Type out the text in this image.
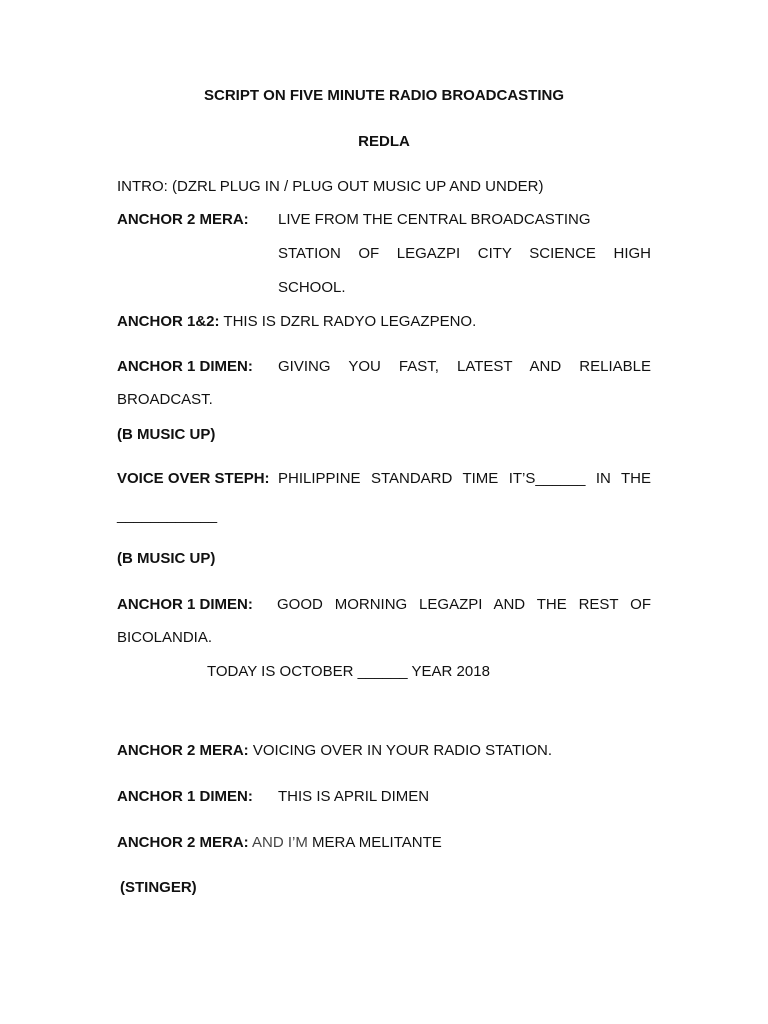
SCRIPT ON FIVE MINUTE RADIO BROADCASTING
REDLA
INTRO: (DZRL PLUG IN / PLUG OUT MUSIC UP AND UNDER)
ANCHOR 2 MERA: LIVE FROM THE CENTRAL BROADCASTING
STATION OF LEGAZPI CITY SCIENCE HIGH
SCHOOL.
ANCHOR 1&2: THIS IS DZRL RADYO LEGAZPENO.
ANCHOR 1 DIMEN: GIVING YOU FAST, LATEST AND RELIABLE
BROADCAST.
(B MUSIC UP)
VOICE OVER STEPH: PHILIPPINE STANDARD TIME IT’S______ IN THE
____________
(B MUSIC UP)
ANCHOR 1 DIMEN: GOOD MORNING LEGAZPI AND THE REST OF
BICOLANDIA.
TODAY IS OCTOBER ______ YEAR 2018
ANCHOR 2 MERA: VOICING OVER IN YOUR RADIO STATION.
ANCHOR 1 DIMEN: THIS IS APRIL DIMEN
ANCHOR 2 MERA: AND I’M MERA MELITANTE
(STINGER)
